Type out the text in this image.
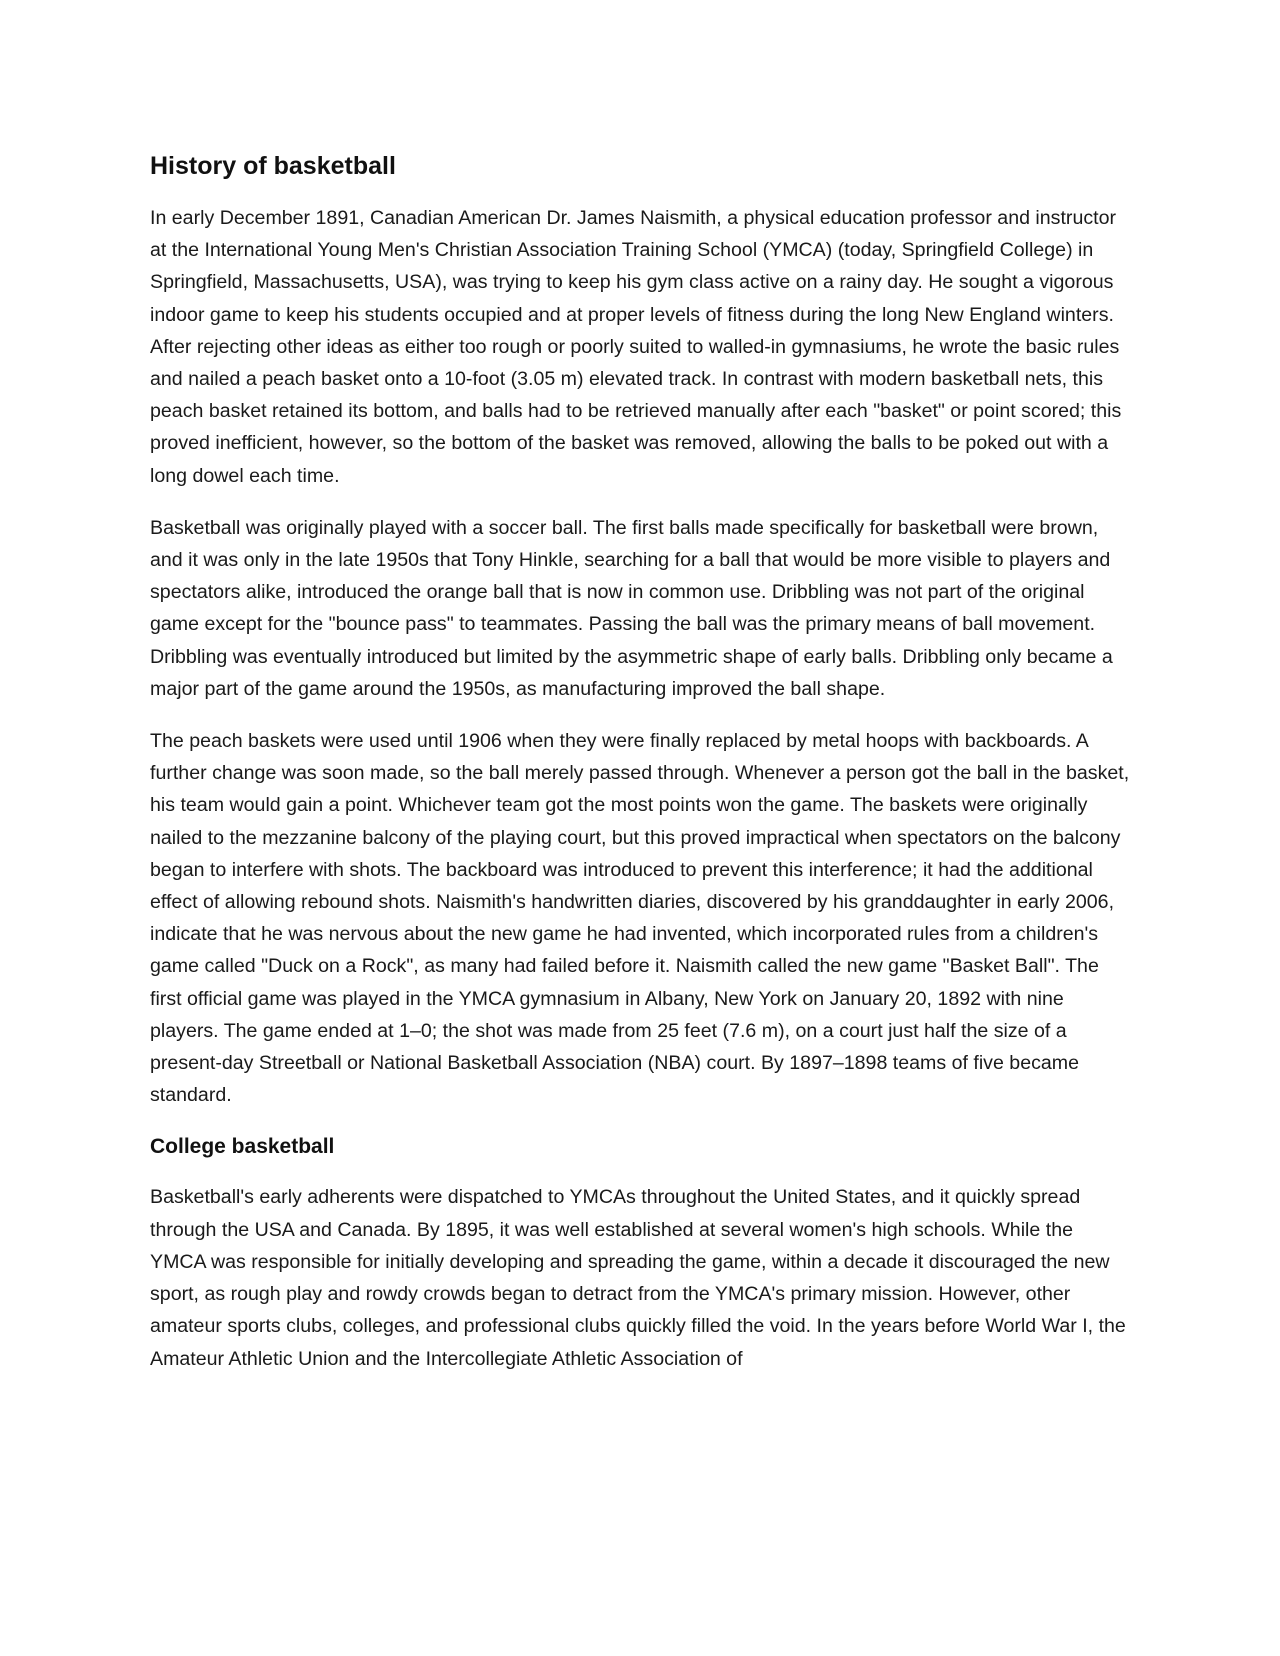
History of basketball

In early December 1891, Canadian American Dr. James Naismith, a physical education professor and instructor at the International Young Men's Christian Association Training School (YMCA) (today, Springfield College) in Springfield, Massachusetts, USA), was trying to keep his gym class active on a rainy day. He sought a vigorous indoor game to keep his students occupied and at proper levels of fitness during the long New England winters. After rejecting other ideas as either too rough or poorly suited to walled-in gymnasiums, he wrote the basic rules and nailed a peach basket onto a 10-foot (3.05 m) elevated track. In contrast with modern basketball nets, this peach basket retained its bottom, and balls had to be retrieved manually after each "basket" or point scored; this proved inefficient, however, so the bottom of the basket was removed, allowing the balls to be poked out with a long dowel each time.

Basketball was originally played with a soccer ball. The first balls made specifically for basketball were brown, and it was only in the late 1950s that Tony Hinkle, searching for a ball that would be more visible to players and spectators alike, introduced the orange ball that is now in common use. Dribbling was not part of the original game except for the "bounce pass" to teammates. Passing the ball was the primary means of ball movement. Dribbling was eventually introduced but limited by the asymmetric shape of early balls. Dribbling only became a major part of the game around the 1950s, as manufacturing improved the ball shape.

The peach baskets were used until 1906 when they were finally replaced by metal hoops with backboards. A further change was soon made, so the ball merely passed through. Whenever a person got the ball in the basket, his team would gain a point. Whichever team got the most points won the game. The baskets were originally nailed to the mezzanine balcony of the playing court, but this proved impractical when spectators on the balcony began to interfere with shots. The backboard was introduced to prevent this interference; it had the additional effect of allowing rebound shots. Naismith's handwritten diaries, discovered by his granddaughter in early 2006, indicate that he was nervous about the new game he had invented, which incorporated rules from a children's game called "Duck on a Rock", as many had failed before it. Naismith called the new game "Basket Ball". The first official game was played in the YMCA gymnasium in Albany, New York on January 20, 1892 with nine players. The game ended at 1–0; the shot was made from 25 feet (7.6 m), on a court just half the size of a present-day Streetball or National Basketball Association (NBA) court. By 1897–1898 teams of five became standard.

College basketball

Basketball's early adherents were dispatched to YMCAs throughout the United States, and it quickly spread through the USA and Canada. By 1895, it was well established at several women's high schools. While the YMCA was responsible for initially developing and spreading the game, within a decade it discouraged the new sport, as rough play and rowdy crowds began to detract from the YMCA's primary mission. However, other amateur sports clubs, colleges, and professional clubs quickly filled the void. In the years before World War I, the Amateur Athletic Union and the Intercollegiate Athletic Association of
